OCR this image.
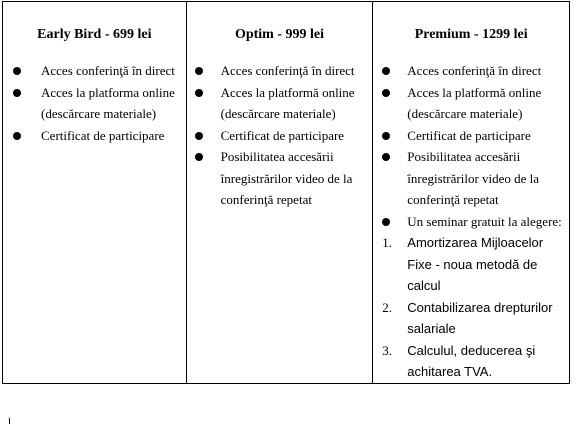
Early Bird - 699 lei
Acces conferinţă în direct
Acces la platforma online (descărcare materiale)
Certificat de participare

Optim - 999 lei
Acces conferinţă în direct
Acces la platformă online (descărcare materiale)
Certificat de participare
Posibilitatea accesării înregistrărilor video de la conferinţă repetat

Premium - 1299 lei
Acces conferinţă în direct
Acces la platformă online (descărcare materiale)
Certificat de participare
Posibilitatea accesării înregistrărilor video de la conferinţă repetat
Un seminar gratuit la alegere:
1. Amortizarea Mijloacelor Fixe - noua metodă de calcul
2. Contabilizarea drepturilor salariale
3. Calculul, deducerea şi achitarea TVA.
